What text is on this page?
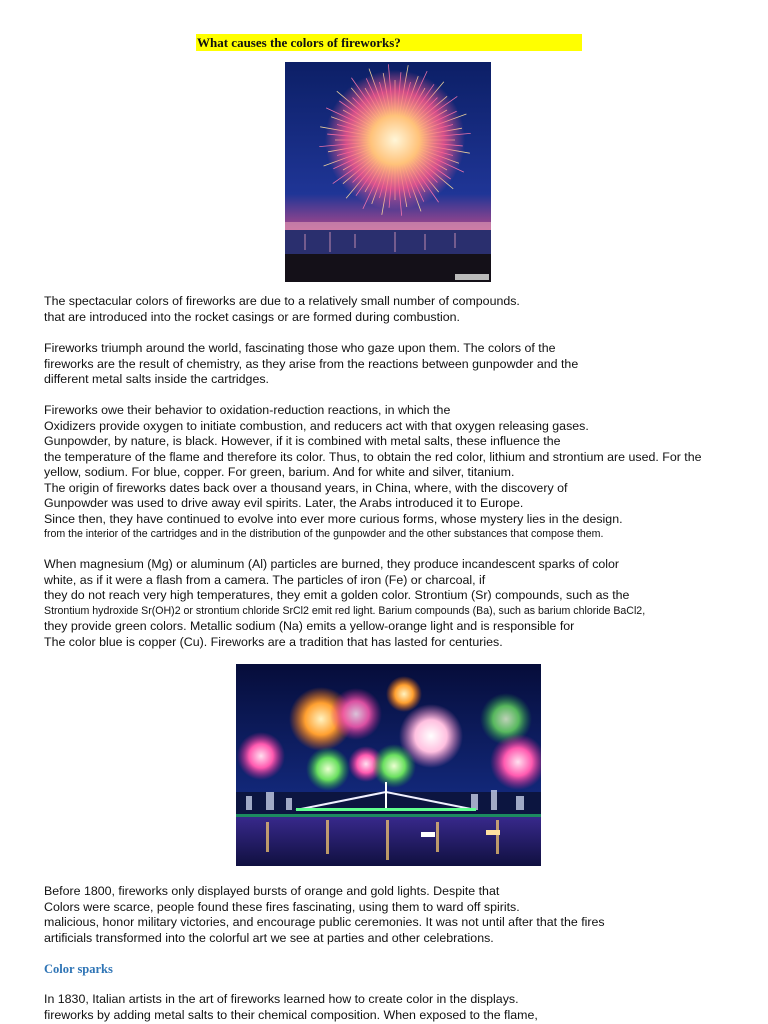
What causes the colors of fireworks?
The spectacular colors of fireworks are due to a relatively small number of compounds.
that are introduced into the rocket casings or are formed during combustion.
Fireworks triumph around the world, fascinating those who gaze upon them. The colors of the
fireworks are the result of chemistry, as they arise from the reactions between gunpowder and the
different metal salts inside the cartridges.
Fireworks owe their behavior to oxidation-reduction reactions, in which the
Oxidizers provide oxygen to initiate combustion, and reducers act with that oxygen releasing gases.
Gunpowder, by nature, is black. However, if it is combined with metal salts, these influence the
the temperature of the flame and therefore its color. Thus, to obtain the red color, lithium and strontium are used. For the
yellow, sodium. For blue, copper. For green, barium. And for white and silver, titanium.
The origin of fireworks dates back over a thousand years, in China, where, with the discovery of
Gunpowder was used to drive away evil spirits. Later, the Arabs introduced it to Europe.
Since then, they have continued to evolve into ever more curious forms, whose mystery lies in the design.
from the interior of the cartridges and in the distribution of the gunpowder and the other substances that compose them.
When magnesium (Mg) or aluminum (Al) particles are burned, they produce incandescent sparks of color
white, as if it were a flash from a camera. The particles of iron (Fe) or charcoal, if
they do not reach very high temperatures, they emit a golden color. Strontium (Sr) compounds, such as the
Strontium hydroxide Sr(OH)2 or strontium chloride SrCl2 emit red light. Barium compounds (Ba), such as barium chloride BaCl2,
they provide green colors. Metallic sodium (Na) emits a yellow-orange light and is responsible for
The color blue is copper (Cu). Fireworks are a tradition that has lasted for centuries.
Before 1800, fireworks only displayed bursts of orange and gold lights. Despite that
Colors were scarce, people found these fires fascinating, using them to ward off spirits.
malicious, honor military victories, and encourage public ceremonies. It was not until after that the fires
artificials transformed into the colorful art we see at parties and other celebrations.
Color sparks
In 1830, Italian artists in the art of fireworks learned how to create color in the displays.
fireworks by adding metal salts to their chemical composition. When exposed to the flame,
